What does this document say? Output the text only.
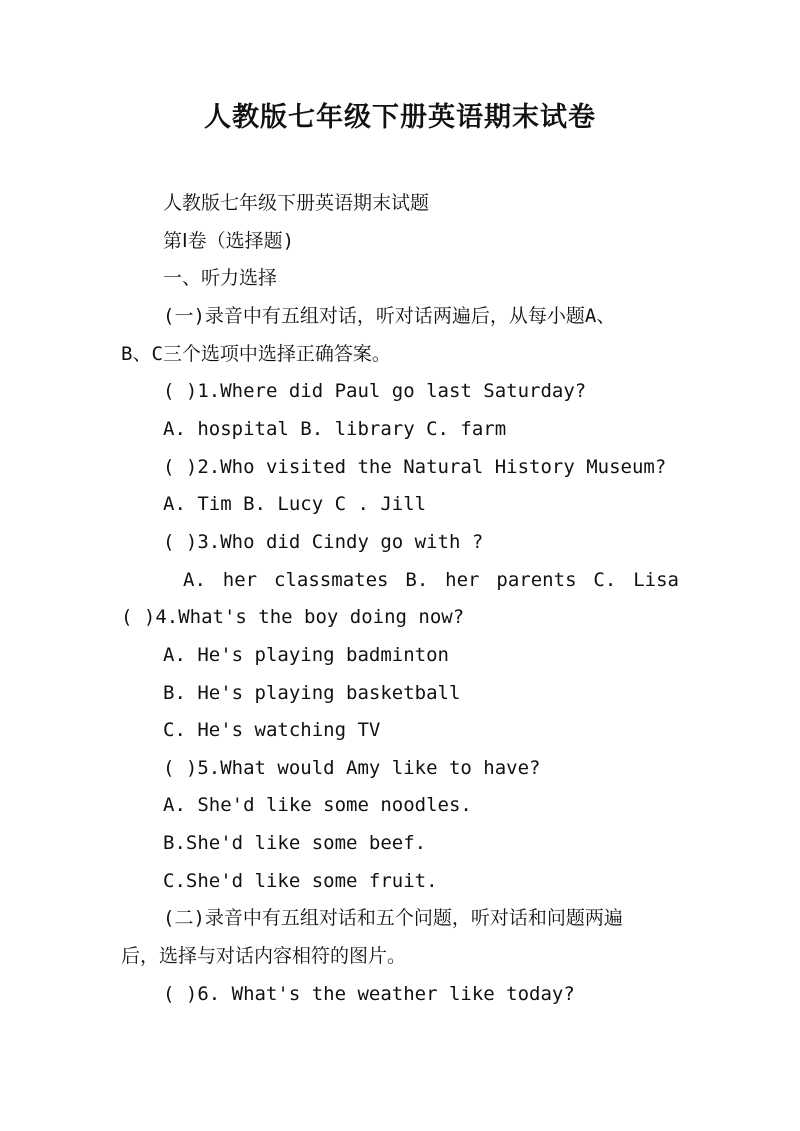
人教版七年级下册英语期末试卷
人教版七年级下册英语期末试题
第Ⅰ卷（选择题)
一、听力选择
(一)录音中有五组对话，听对话两遍后，从每小题A、
B、C三个选项中选择正确答案。
( )1.Where did Paul go last Saturday?
A. hospital B. library C. farm
( )2.Who visited the Natural History Museum?
A. Tim B. Lucy C . Jill
( )3.Who did Cindy go with ?
A. her classmates B. her parents C. Lisa
( )4.What's the boy doing now?
A. He's playing badminton
B. He's playing basketball
C. He's watching TV
( )5.What would Amy like to have?
A. She'd like some noodles.
B.She'd like some beef.
C.She'd like some fruit.
(二)录音中有五组对话和五个问题，听对话和问题两遍
后，选择与对话内容相符的图片。
( )6. What's the weather like today?
